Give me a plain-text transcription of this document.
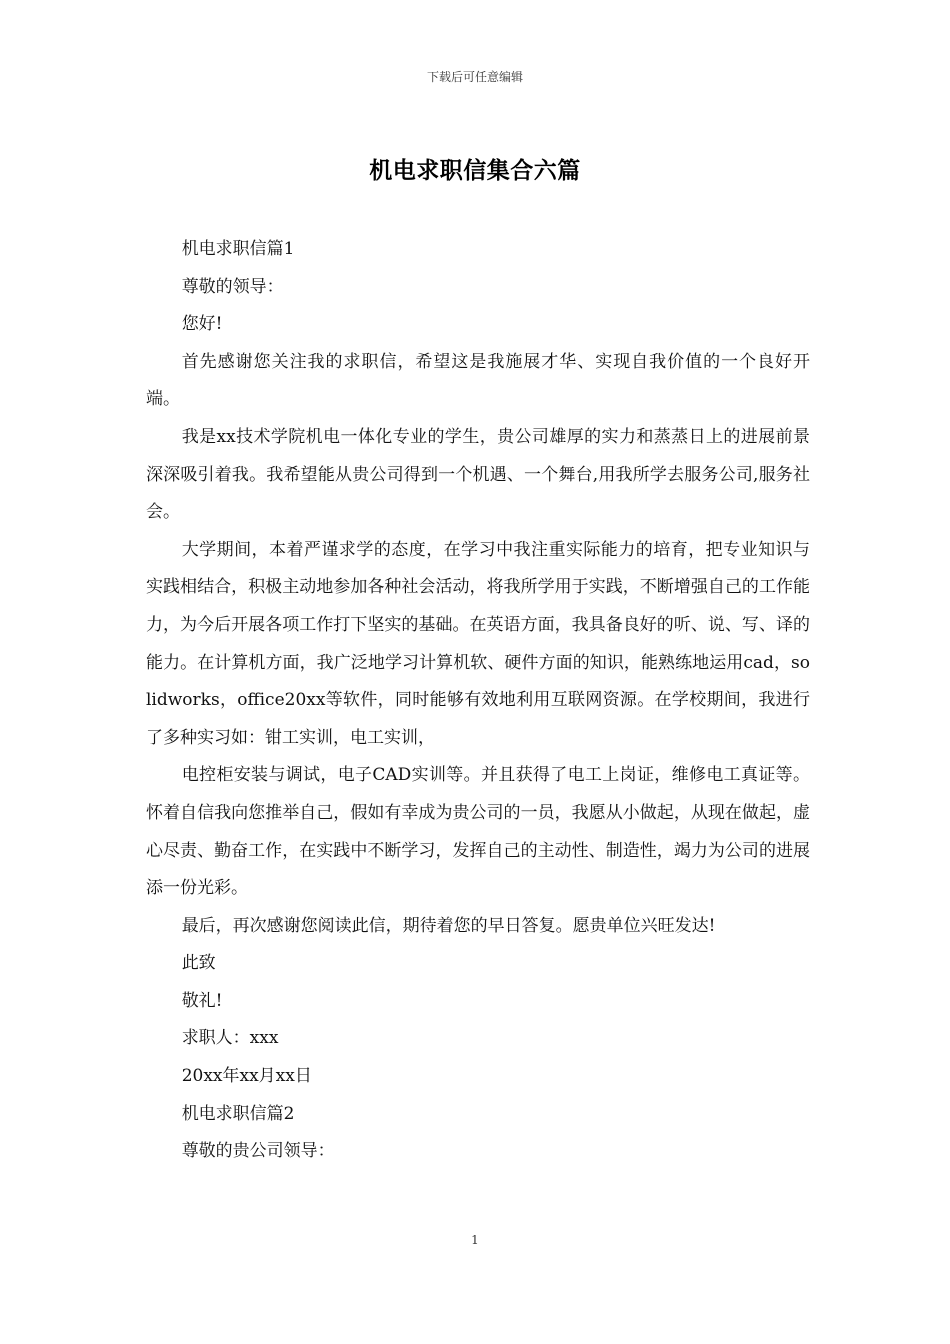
下载后可任意编辑
机电求职信集合六篇

机电求职信篇1

尊敬的领导：

您好!

首先感谢您关注我的求职信，希望这是我施展才华、实现自我价值的一个良好开端。

我是xx技术学院机电一体化专业的学生，贵公司雄厚的实力和蒸蒸日上的进展前景深深吸引着我。我希望能从贵公司得到一个机遇、一个舞台,用我所学去服务公司,服务社会。

大学期间，本着严谨求学的态度，在学习中我注重实际能力的培育，把专业知识与实践相结合，积极主动地参加各种社会活动，将我所学用于实践，不断增强自己的工作能力，为今后开展各项工作打下坚实的基础。在英语方面，我具备良好的听、说、写、译的能力。在计算机方面，我广泛地学习计算机软、硬件方面的知识，能熟练地运用cad，solidworks，office20xx等软件，同时能够有效地利用互联网资源。在学校期间，我进行了多种实习如：钳工实训，电工实训，

电控柜安装与调试，电子CAD实训等。并且获得了电工上岗证，维修电工真证等。怀着自信我向您推举自己，假如有幸成为贵公司的一员，我愿从小做起，从现在做起，虚心尽责、勤奋工作，在实践中不断学习，发挥自己的主动性、制造性，竭力为公司的进展添一份光彩。

最后，再次感谢您阅读此信，期待着您的早日答复。愿贵单位兴旺发达!

此致

敬礼!

求职人：xxx

20xx年xx月xx日

机电求职信篇2

尊敬的贵公司领导：

1
